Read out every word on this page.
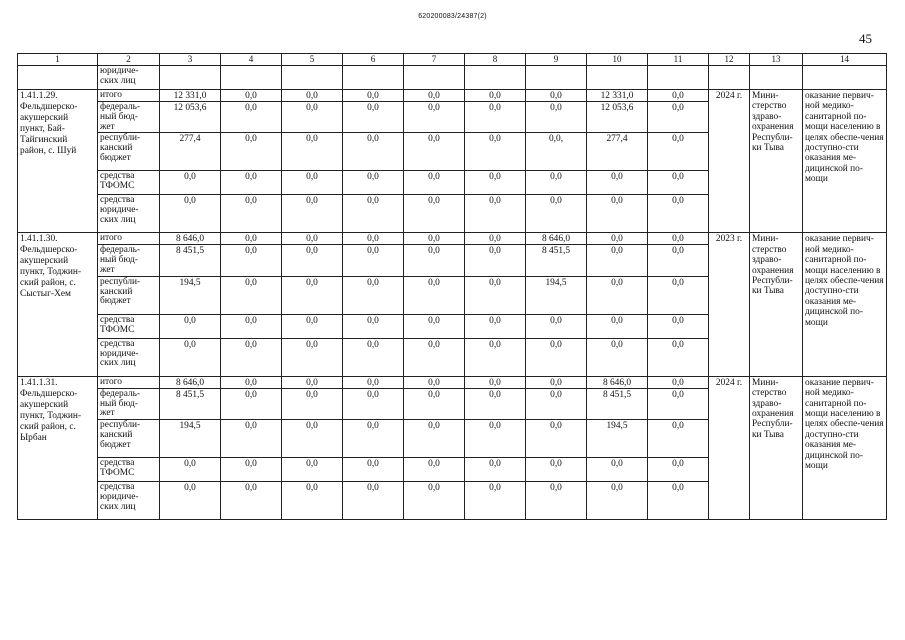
620200083/24387(2)
45
1	2	3	4	5	6	7	8	9	10	11	12	13	14
	юридиче-
ских лиц												
1.41.1.29. Фельдшерско-акушерский пункт, Бай-Тайгинский район, с. Шуй	итого	12 331,0	0,0	0,0	0,0	0,0	0,0	0,0	12 331,0	0,0	2024 г.	Мини-стерство здраво-охранения Республи-ки Тыва	оказание первич-ной медико-санитарной по-мощи населению в целях обеспе-чения доступно-сти оказания ме-дицинской по-мощи
	федераль-
ный бюд-
жет	12 053,6	0,0	0,0	0,0	0,0	0,0	0,0	12 053,6	0,0			
	республи-
канский
бюджет	277,4	0,0	0,0	0,0	0,0	0,0	0,0,	277,4	0,0			
	средства
ТФОМС	0,0	0,0	0,0	0,0	0,0	0,0	0,0	0,0	0,0			
	средства
юридиче-
ских лиц	0,0	0,0	0,0	0,0	0,0	0,0	0,0	0,0	0,0			
1.41.1.30. Фельдшерско-акушерский пункт, Тоджин-ский район, с. Сыстыг-Хем	итого	8 646,0	0,0	0,0	0,0	0,0	0,0	8 646,0	0,0	0,0	2023 г.	Мини-стерство здраво-охранения Республи-ки Тыва	оказание первич-ной медико-санитарной по-мощи населению в целях обеспе-чения доступно-сти оказания ме-дицинской по-мощи
	федераль-
ный бюд-
жет	8 451,5	0,0	0,0	0,0	0,0	0,0	8 451,5	0,0	0,0			
	республи-
канский
бюджет	194,5	0,0	0,0	0,0	0,0	0,0	194,5	0,0	0,0			
	средства
ТФОМС	0,0	0,0	0,0	0,0	0,0	0,0	0,0	0,0	0,0			
	средства
юридиче-
ских лиц	0,0	0,0	0,0	0,0	0,0	0,0	0,0	0,0	0,0			
1.41.1.31. Фельдшерско-акушерский пункт, Тоджин-ский район, с. Ырбан	итого	8 646,0	0,0	0,0	0,0	0,0	0,0	0,0	8 646,0	0,0	2024 г.	Мини-стерство здраво-охранения Республи-ки Тыва	оказание первич-ной медико-санитарной по-мощи населению в целях обеспе-чения доступно-сти оказания ме-дицинской по-мощи
	федераль-
ный бюд-
жет	8 451,5	0,0	0,0	0,0	0,0	0,0	0,0	8 451,5	0,0			
	республи-
канский
бюджет	194,5	0,0	0,0	0,0	0,0	0,0	0,0	194,5	0,0			
	средства
ТФОМС	0,0	0,0	0,0	0,0	0,0	0,0	0,0	0,0	0,0			
	средства
юридиче-
ских лиц	0,0	0,0	0,0	0,0	0,0	0,0	0,0	0,0	0,0			
